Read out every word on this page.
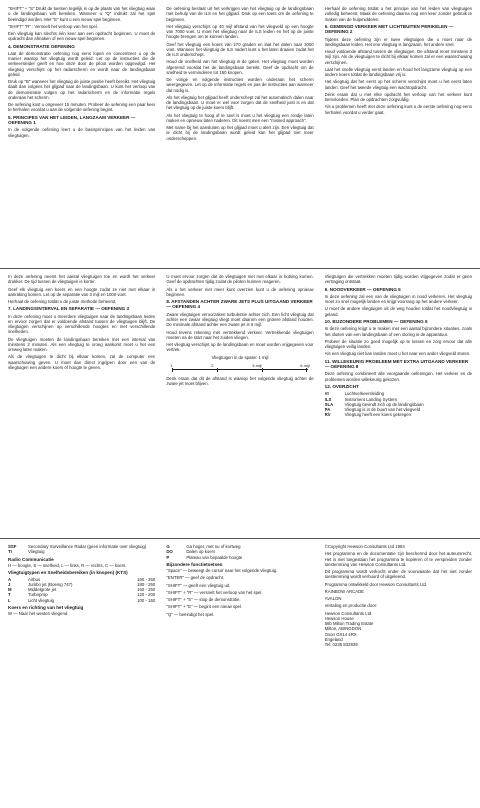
"SHIFT" + "S" Drukt de toetsen tegelijk in op de plaats van het vliegtuig waar u de landingsbaan wilt bereiken. Wanneer u "Q" indrukt zal het spel beëindigd worden. Met "E" kunt u een nieuw spel beginnen.

"SHIFT" "R" : Versnelt het verloop van het spel.

Een vliegtuig kan slechts één keer aan een opdracht beginnen. U moet de opdracht dan afmaken of een nieuw spel beginnen.

4. DEMONSTRATIE OEFENING

Laat de demonstratie oefening nog eens lopen en concentreer u op de manier waarop het vliegtuig wordt geleid. Let op de instructies die de verkeersleider geeft en hoe deze door de piloot worden opgevolgd. Het vliegtuig verschijnt op het radarscherm en wordt naar de landingsbaan geleid.

Druk op "B" wanneer het vliegtuig de juiste positie heeft bereikt. Het vliegtuig daalt dan volgens het glijpad naar de landingsbaan. U kunt het verloop van de demonstratie volgen op het radarscherm en de informatie regels onderaan het scherm.

De oefening kost u ongeveer 15 minuten. Probeer de oefening een paar keer te herhalen voordat u aan de volgende oefening begint.

5. PRINCIPES VAN HET LEIDEN, LANGZAAM VERKEER — OEFENING 1

In de volgende oefening leert u de basisprincipes van het leiden van vliegtuigen.

De oefening bestaat uit het verkrijgen van het vliegtuig op de landingsbaan met behulp van de ILS en het glijpad. Druk op een toets om de oefening te beginnen.

Het vliegtuig verschijnt op 40 mijl afstand van het vliegveld op een hoogte van 7000 voet. U moet het vliegtuig naar de ILS leiden en het op de juiste hoogte brengen om te kunnen landen.

Geef het vliegtuig een koers van 270 graden en laat het dalen naar 3000 voet. Wanneer het vliegtuig de ILS nadert kunt u het laten draaien zodat het de ILS onderschept.

Houd de snelheid van het vliegtuig in de gaten. Het vliegtuig moet worden afgeremd voordat het de landingsbaan bereikt. Geef de opdracht om de snelheid te verminderen tot 160 knopen.

De vorige en volgende instructies worden onderaan het scherm weergegeven. Let op de informatie regels en pas de instructies aan wanneer dat nodig is.

Als het vliegtuig het glijpad heeft onderschept zal het automatisch dalen naar de landingsbaan. U moet er wel voor zorgen dat de snelheid juist is en dat het vliegtuig op de juiste koers blijft.

Als het vliegtuig te hoog of te snel is moet u het vliegtuig een rondje laten maken en opnieuw laten naderen. Dit noemt men een "missed approach".

Met name bij het aansluiten op het glijpad moet u alert zijn. Een vliegtuig dat te dicht bij de landingsbaan wordt geleid kan het glijpad niet meer onderscheppen.

Herhaal de oefening totdat u het principe van het leiden van vliegtuigen volledig beheerst. Maak de oefening daarna nog een keer zonder gebruik te maken van de hulpmiddelen.

6. GEMENGD VERKEER MET LICHTBUITEN PERIKELEN — OEFENING 2

Tijdens deze oefening zijn er twee vliegtuigen die u moet naar de landingsbaan leiden. Het ene vliegtuig is langzaam, het andere snel.

Houd voldoende afstand tussen de vliegtuigen. De afstand moet minstens 3 mijl zijn. Als de vliegtuigen te dicht bij elkaar komen zal er een waarschuwing verschijnen.

Laat het snelle vliegtuig eerst landen en houd het langzame vliegtuig op een andere koers totdat de landingsbaan vrij is.

Het vliegtuig dat het eerst op het scherm verschijnt moet u het eerst laten landen. Geef het tweede vliegtuig een wachtopdracht.

Denk eraan dat u met elke opdracht het verloop van het verkeer kunt beïnvloeden. Plan de opdrachten zorgvuldig.

Als u problemen heeft met deze oefening kunt u de eerste oefening nog eens herhalen voordat u verder gaat.

In deze oefening neemt het aantal vliegtuigen toe en wordt het verkeer drukker. De tijd tussen de vliegtuigen is korter.

Geef elk vliegtuig een koers en een hoogte zodat ze niet met elkaar in aanraking komen. Let op de separatie van 3 mijl en 1000 voet.

Herhaal de oefening totdat u de juiste methode beheerst.

7. LANDINGSINTERVAL EN SEPARATIE — OEFENING 3

In deze oefening moet u meerdere vliegtuigen naar de landingsbaan leiden en ervoor zorgen dat er voldoende afstand tussen de vliegtuigen blijft. De vliegtuigen verschijnen op verschillende hoogtes en met verschillende snelheden.

De vliegtuigen moeten de landingsbaan bereiken met een interval van minstens 2 minuten. Als een vliegtuig te vroeg aankomt moet u het een omweg laten maken.

Als de vliegtuigen te dicht bij elkaar komen, zal de computer een waarschuwing geven. U moet dan direct ingrijpen door een van de vliegtuigen een andere koers of hoogte te geven.

U moet ervoor zorgen dat de vliegtuigen niet met elkaar in botsing komen. Geef de opdrachten tijdig zodat de piloten kunnen reageren.

Als u het verkeer niet meer kunt overzien kunt u de oefening opnieuw beginnen.

8. AFSTANDEN ACHTER ZWARE JETS PLUS UITGAAND VERKEER — OEFENING 4

Zware vliegtuigen veroorzaken turbulentie achter zich. Een licht vliegtuig dat achter een zwaar vliegtuig vliegt moet daarom een grotere afstand houden. De minimale afstand achter een zware jet is 6 mijl.

Houd tevens rekening met vertrekkend verkeer. Vertrekkende vliegtuigen moeten na de start naar het zuiden vliegen.

Het vliegtuig verschijnt op de landingsbaan en moet worden vrijgegeven voor vertrek.

Vliegtuigen in de spatie: 1 mijl

1	2	3 mijl	6 mijl

Denk eraan dat dit de afstand is waarop het volgende vliegtuig achter de zware jet moet blijven.

Vliegtuigen die vertrekken moeten tijdig worden vrijgegeven zodat er geen vertraging ontstaat.

9. NOODVERKEER — OEFENING 5

In deze oefening zal een van de vliegtuigen in nood verkeren. Het vliegtuig moet zo snel mogelijk landen en krijgt voorrang op het andere verkeer.

U moet de andere vliegtuigen uit de weg houden totdat het noodvliegtuig is geland.

10. BIJZONDERE PROBLEMEN — OEFENING 6

In deze oefening krijgt u te maken met een aantal bijzondere situaties, zoals het sluiten van een landingsbaan of een storing in de apparatuur.

Probeer de situatie zo goed mogelijk op te lossen en zorg ervoor dat alle vliegtuigen veilig landen.

Als een vliegtuig niet kan landen moet u het naar een ander vliegveld sturen.

11. WILLEKEURIG PROBLEEM MET EXTRA UITGAAND VERKEER — OEFENING 8

Deze oefening combineert alle voorgaande oefeningen. Het verkeer en de problemen worden willekeurig gekozen.

12. OVERZICHT
VI	Luchtverkeersleiding
ILS	Instrument Landing System
SLA	Vliegtuig bevindt zich op de landingsbaan
PA	Vliegtuig is in de buurt van het vliegveld
R/r	Vliegtuig heeft een koers gekregen
SSF	Secondary Surveillance Radar (geen informatie over vliegtuig)
TI	Vliegtuig
Radio Communicatie

H — hoogte, S — snelheid, L — links, R — rechts, C — koers.

Vliegtuigtypen en Snelheidsbereiken (in knopen) (KTS)
A	Airbus	160 - 250
J	Jumbo jet (Boeing 747)	180 - 250
M	Middelgrote jet	160 - 250
T	Turboprop	120 - 200
L	Licht vliegtuig	100 - 160
Koers en richting van het vliegtuig

W — Naar het westen vliegend.

G	Ga hoger, met nu of kortweg
DO	Dalen op koers
P	Plateau van bepaalde hoogte
Bijzondere functietoetsen

"Space" — beweegt de cursor naar het volgende vliegtuig.

"ENTER" — geef de opdracht.

"SHIFT" — geeft een vliegtuig uit.

"SHIFT" + "R" — versnelt het verloop van het spel.

"SHIFT" + "S" — stop de demonstratie.

"SHIFT" + "E" — begint een nieuw spel.

"Q" — beëindigt het spel.

©Copyright Hewson Consultants Ltd 1984

Het programma en de documentatie zijn beschermd door het auteursrecht. Het is niet toegestaan het programma te kopiëren of te verspreiden zonder toestemming van Hewson Consultants Ltd.

Dit programma wordt verkocht onder de voorwaarde dat het niet zonder toestemming wordt verhuurd of uitgeleend.

Programma ontwikkeld door Hewson Consultants Ltd.

RAINBOW ARCADE

AVALON

Vertaling en productie door:

Hewson Consultants Ltd

Hewson House

56b Milton Trading Estate

Milton, ABINGDON

Oxon OX14 4RX

Engeland

Tel: 0235 832939
